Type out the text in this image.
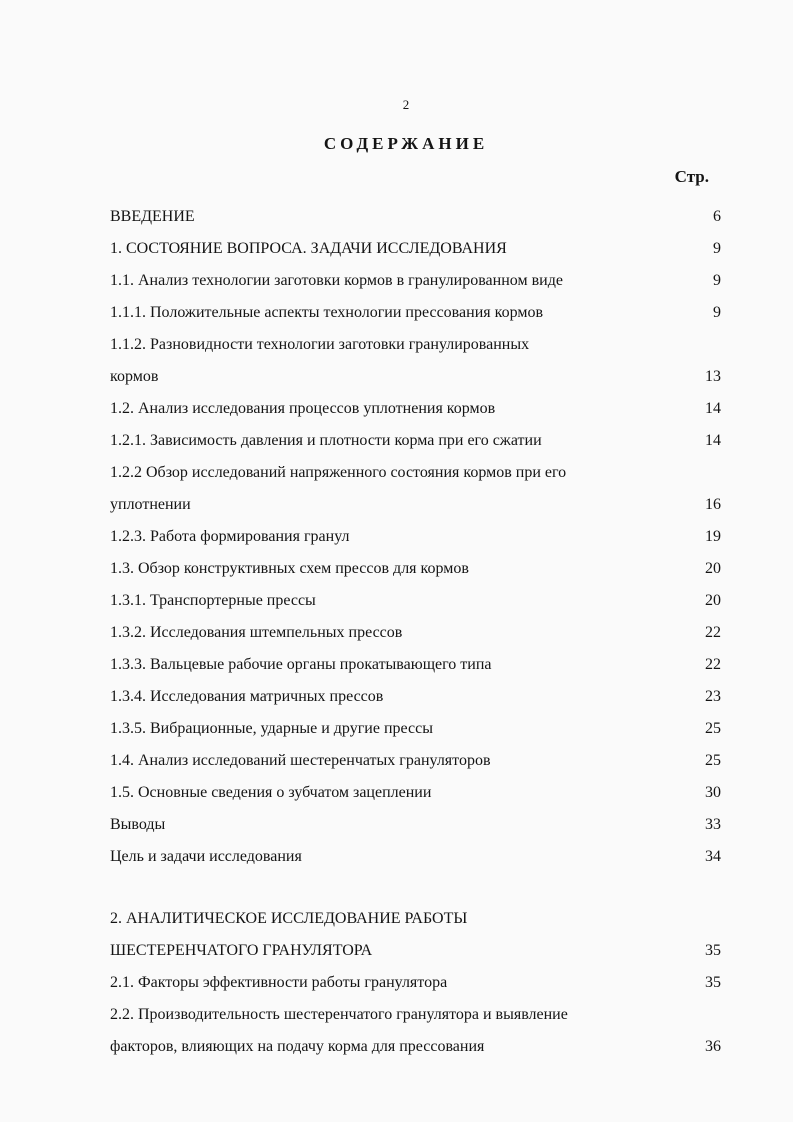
2
СОДЕРЖАНИЕ
Стр.
ВВЕДЕНИЕ	6
1. СОСТОЯНИЕ ВОПРОСА. ЗАДАЧИ ИССЛЕДОВАНИЯ	9
1.1. Анализ технологии заготовки кормов в гранулированном виде	9
1.1.1. Положительные аспекты технологии прессования кормов	9
1.1.2. Разновидности технологии заготовки гранулированных
кормов	13
1.2. Анализ исследования процессов уплотнения кормов	14
1.2.1. Зависимость давления и плотности корма при его сжатии	14
1.2.2 Обзор исследований напряженного состояния кормов при его
уплотнении	16
1.2.3. Работа формирования гранул	19
1.3. Обзор конструктивных схем прессов для кормов	20
1.3.1. Транспортерные прессы	20
1.3.2. Исследования штемпельных прессов	22
1.3.3. Вальцевые рабочие органы прокатывающего типа	22
1.3.4. Исследования матричных прессов	23
1.3.5. Вибрационные, ударные и другие прессы	25
1.4. Анализ исследований шестеренчатых грануляторов	25
1.5. Основные сведения о зубчатом зацеплении	30
Выводы	33
Цель и задачи исследования	34
2. АНАЛИТИЧЕСКОЕ ИССЛЕДОВАНИЕ РАБОТЫ
ШЕСТЕРЕНЧАТОГО ГРАНУЛЯТОРА	35
2.1. Факторы эффективности работы гранулятора	35
2.2. Производительность шестеренчатого гранулятора и выявление
факторов, влияющих на подачу корма для прессования	36
